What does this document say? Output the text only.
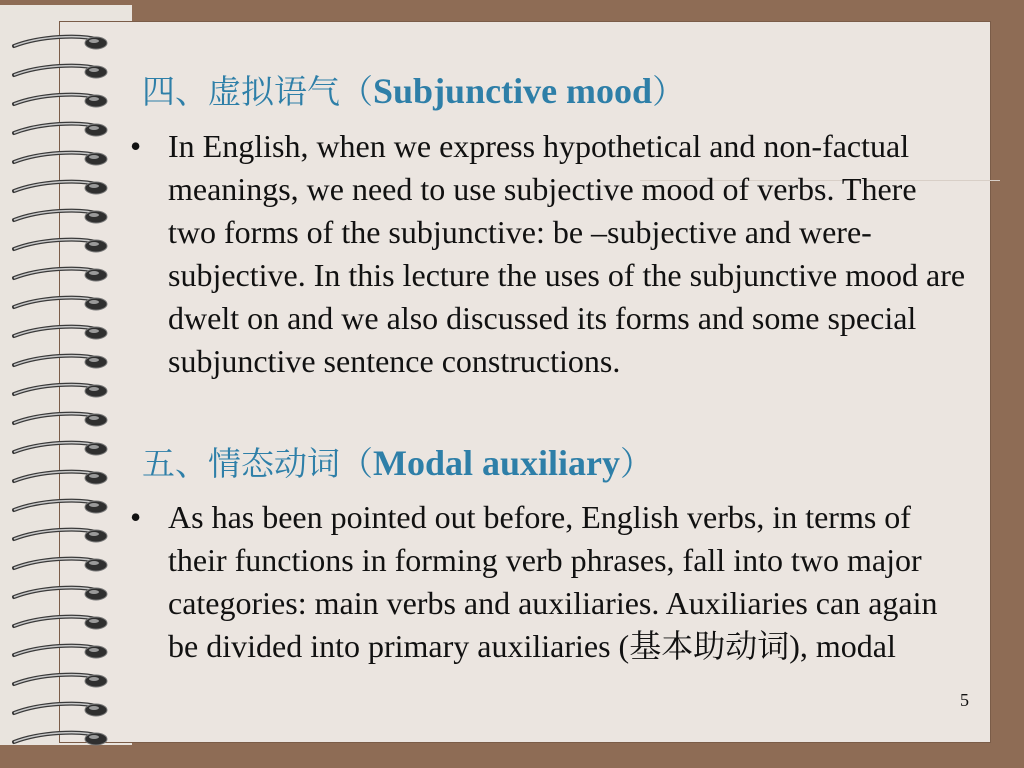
四、虚拟语气（Subjunctive mood）
• In English, when we express hypothetical and non-factual meanings, we need to use subjective mood of verbs. There two forms of the subjunctive: be –subjective and were-subjective. In this lecture the uses of the subjunctive mood are dwelt on and we also discussed its forms and some special subjunctive sentence constructions.
五、情态动词（Modal auxiliary）
• As has been pointed out before, English verbs, in terms of their functions in forming verb phrases, fall into two major categories: main verbs and auxiliaries. Auxiliaries can again be divided into primary auxiliaries (基本助动词), modal
5
